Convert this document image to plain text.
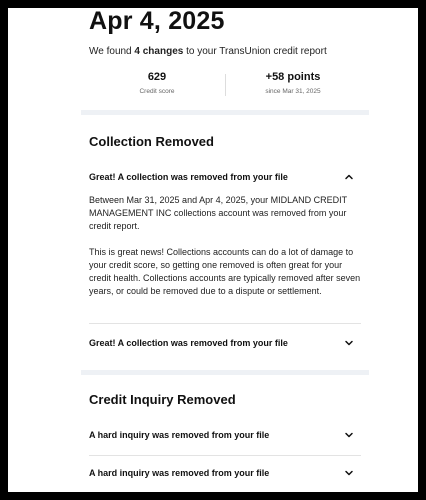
Apr 4, 2025

We found 4 changes to your TransUnion credit report

629
Credit score
+58 points
since Mar 31, 2025
Collection Removed
Great! A collection was removed from your file

Between Mar 31, 2025 and Apr 4, 2025, your MIDLAND CREDIT MANAGEMENT INC collections account was removed from your credit report.

This is great news! Collections accounts can do a lot of damage to your credit score, so getting one removed is often great for your credit health. Collections accounts are typically removed after seven years, or could be removed due to a dispute or settlement.

Great! A collection was removed from your file
Credit Inquiry Removed
A hard inquiry was removed from your file
A hard inquiry was removed from your file
